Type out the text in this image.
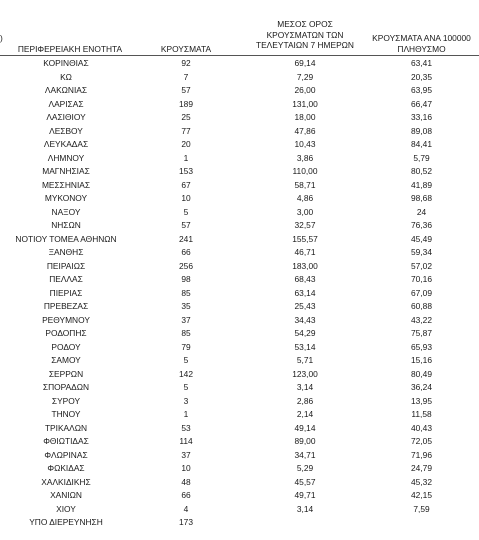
)
ΠΕΡΙΦΕΡΕΙΑΚΗ ΕΝΟΤΗΤΑ	ΚΡΟΥΣΜΑΤΑ
ΜΕΣΟΣ ΟΡΟΣ
ΚΡΟΥΣΜΑΤΩΝ ΤΩΝ
ΤΕΛΕΥΤΑΙΩΝ 7 ΗΜΕΡΩΝ
ΚΡΟΥΣΜΑΤΑ ΑΝΑ 100000
ΠΛΗΘΥΣΜΟ
ΚΟΡΙΝΘΙΑΣ	92	69,14	63,41
ΚΩ	7	7,29	20,35
ΛΑΚΩΝΙΑΣ	57	26,00	63,95
ΛΑΡΙΣΑΣ	189	131,00	66,47
ΛΑΣΙΘΙΟΥ	25	18,00	33,16
ΛΕΣΒΟΥ	77	47,86	89,08
ΛΕΥΚΑΔΑΣ	20	10,43	84,41
ΛΗΜΝΟΥ	1	3,86	5,79
ΜΑΓΝΗΣΙΑΣ	153	110,00	80,52
ΜΕΣΣΗΝΙΑΣ	67	58,71	41,89
ΜΥΚΟΝΟΥ	10	4,86	98,68
ΝΑΞΟΥ	5	3,00	24
ΝΗΣΩΝ	57	32,57	76,36
ΝΟΤΙΟΥ ΤΟΜΕΑ ΑΘΗΝΩΝ	241	155,57	45,49
ΞΑΝΘΗΣ	66	46,71	59,34
ΠΕΙΡΑΙΩΣ	256	183,00	57,02
ΠΕΛΛΑΣ	98	68,43	70,16
ΠΙΕΡΙΑΣ	85	63,14	67,09
ΠΡΕΒΕΖΑΣ	35	25,43	60,88
ΡΕΘΥΜΝΟΥ	37	34,43	43,22
ΡΟΔΟΠΗΣ	85	54,29	75,87
ΡΟΔΟΥ	79	53,14	65,93
ΣΑΜΟΥ	5	5,71	15,16
ΣΕΡΡΩΝ	142	123,00	80,49
ΣΠΟΡΑΔΩΝ	5	3,14	36,24
ΣΥΡΟΥ	3	2,86	13,95
ΤΗΝΟΥ	1	2,14	11,58
ΤΡΙΚΑΛΩΝ	53	49,14	40,43
ΦΘΙΩΤΙΔΑΣ	114	89,00	72,05
ΦΛΩΡΙΝΑΣ	37	34,71	71,96
ΦΩΚΙΔΑΣ	10	5,29	24,79
ΧΑΛΚΙΔΙΚΗΣ	48	45,57	45,32
ΧΑΝΙΩΝ	66	49,71	42,15
ΧΙΟΥ	4	3,14	7,59
ΥΠΟ ΔΙΕΡΕΥΝΗΣΗ	173
